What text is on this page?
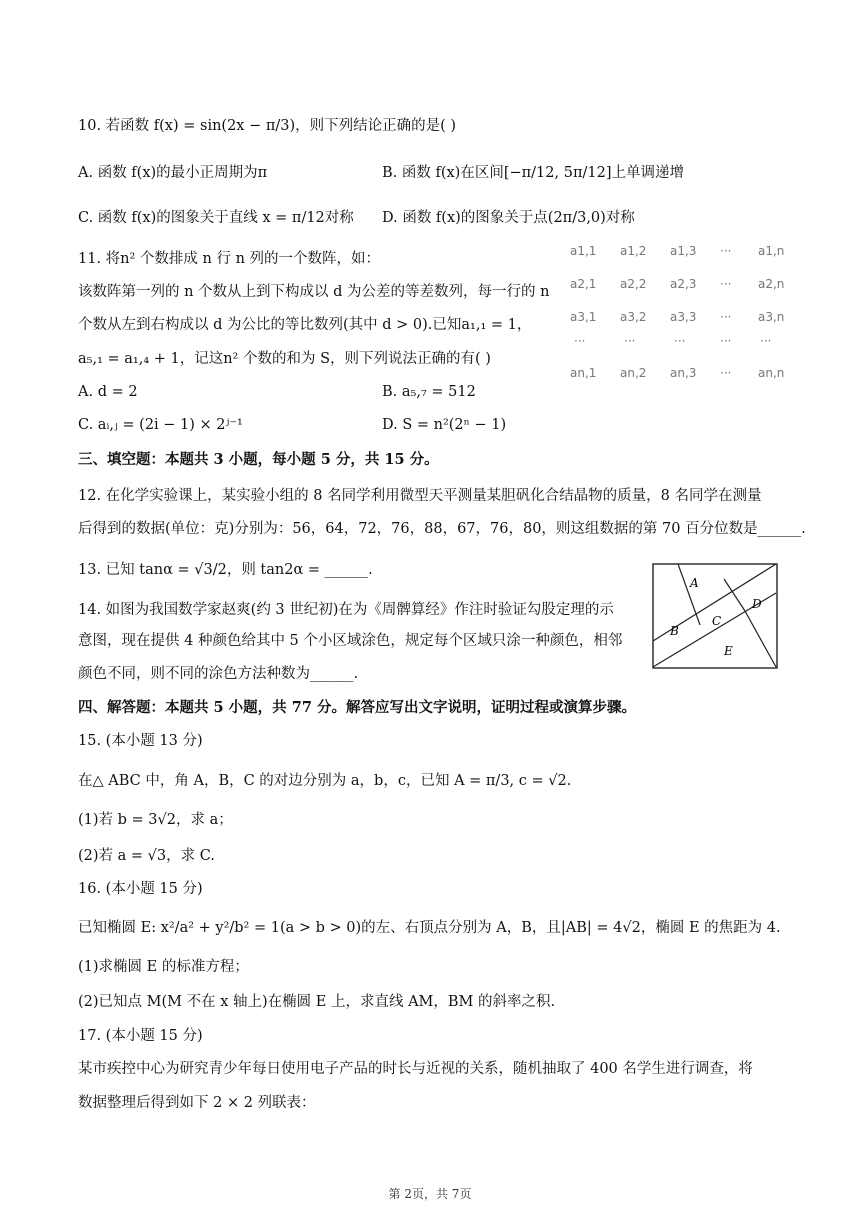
10. 若函数 f(x) = sin(2x − π/3)，则下列结论正确的是( )
A. 函数 f(x)的最小正周期为π	B. 函数 f(x)在区间[−π/12, 5π/12]上单调递增
C. 函数 f(x)的图象关于直线 x = π/12对称 D. 函数 f(x)的图象关于点(2π/3,0)对称
11. 将n² 个数排成 n 行 n 列的一个数阵，如：
该数阵第一列的 n 个数从上到下构成以 d 为公差的等差数列，每一行的 n
个数从左到右构成以 d 为公比的等比数列(其中 d > 0).已知a₁,₁ = 1，
a₅,₁ = a₁,₄ + 1，记这n² 个数的和为 S，则下列说法正确的有( )
A. d = 2	B. a₅,₇ = 512
C. aᵢ,ⱼ = (2i − 1) × 2ʲ⁻¹	D. S = n²(2ⁿ − 1)
a1,1	a1,2	a1,3	···	a1,n
a2,1	a2,2	a2,3	···	a2,n
a3,1	a3,2	a3,3	···	a3,n
···	···	···	···	···
an,1	an,2	an,3	···	an,n
三、填空题：本题共 3 小题，每小题 5 分，共 15 分。
12. 在化学实验课上，某实验小组的 8 名同学利用微型天平测量某胆矾化合结晶物的质量，8 名同学在测量
后得到的数据(单位：克)分别为：56，64，72，76，88，67，76，80，则这组数据的第 70 百分位数是______.
13. 已知 tanα = √3/2，则 tan2α = ______.
14. 如图为我国数学家赵爽(约 3 世纪初)在为《周髀算经》作注时验证勾股定理的示
意图，现在提供 4 种颜色给其中 5 个小区域涂色，规定每个区域只涂一种颜色，相邻
颜色不同，则不同的涂色方法种数为______.
A
B
C
D
E
四、解答题：本题共 5 小题，共 77 分。解答应写出文字说明，证明过程或演算步骤。
15. (本小题 13 分)
在△ ABC 中，角 A，B，C 的对边分别为 a，b，c，已知 A = π/3, c = √2.
(1)若 b = 3√2，求 a；
(2)若 a = √3，求 C.
16. (本小题 15 分)
已知椭圆 E: x²/a² + y²/b² = 1(a > b > 0)的左、右顶点分别为 A，B，且|AB| = 4√2，椭圆 E 的焦距为 4.
(1)求椭圆 E 的标准方程；
(2)已知点 M(M 不在 x 轴上)在椭圆 E 上，求直线 AM，BM 的斜率之积.
17. (本小题 15 分)
某市疾控中心为研究青少年每日使用电子产品的时长与近视的关系，随机抽取了 400 名学生进行调查，将
数据整理后得到如下 2 × 2 列联表：
第 2页，共 7页
